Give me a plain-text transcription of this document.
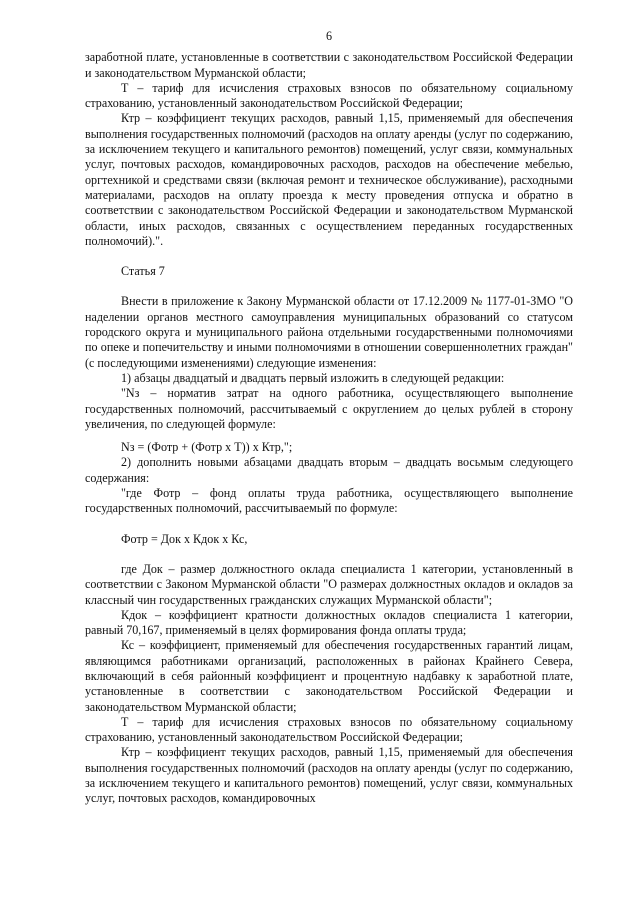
6

заработной плате, установленные в соответствии с законодательством Российской Федерации и законодательством Мурманской области;

Т – тариф для исчисления страховых взносов по обязательному социальному страхованию, установленный законодательством Российской Федерации;

Ктр – коэффициент текущих расходов, равный 1,15, применяемый для обеспечения выполнения государственных полномочий (расходов на оплату аренды (услуг по содержанию, за исключением текущего и капитального ремонтов) помещений, услуг связи, коммунальных услуг, почтовых расходов, командировочных расходов, расходов на обеспечение мебелью, оргтехникой и средствами связи (включая ремонт и техническое обслуживание), расходными материалами, расходов на оплату проезда к месту проведения отпуска и обратно в соответствии с законодательством Российской Федерации и законодательством Мурманской области, иных расходов, связанных с осуществлением переданных государственных полномочий).".

Статья 7

Внести в приложение к Закону Мурманской области от 17.12.2009 № 1177-01-ЗМО "О наделении органов местного самоуправления муниципальных образований со статусом городского округа и муниципального района отдельными государственными полномочиями по опеке и попечительству и иными полномочиями в отношении совершеннолетних граждан" (с последующими изменениями) следующие изменения:

1) абзацы двадцатый и двадцать первый изложить в следующей редакции:

"Nз – норматив затрат на одного работника, осуществляющего выполнение государственных полномочий, рассчитываемый с округлением до целых рублей в сторону увеличения, по следующей формуле:

Nз = (Фотр + (Фотр x Т)) x Ктр,";

2) дополнить новыми абзацами двадцать вторым – двадцать восьмым следующего содержания:

"где Фотр – фонд оплаты труда работника, осуществляющего выполнение государственных полномочий, рассчитываемый по формуле:

Фотр = Док x Кдок x Кс,

где Док – размер должностного оклада специалиста 1 категории, установленный в соответствии с Законом Мурманской области "О размерах должностных окладов и окладов за классный чин государственных гражданских служащих Мурманской области";

Кдок – коэффициент кратности должностных окладов специалиста 1 категории, равный 70,167, применяемый в целях формирования фонда оплаты труда;

Кс – коэффициент, применяемый для обеспечения государственных гарантий лицам, являющимся работниками организаций, расположенных в районах Крайнего Севера, включающий в себя районный коэффициент и процентную надбавку к заработной плате, установленные в соответствии с законодательством Российской Федерации и законодательством Мурманской области;

Т – тариф для исчисления страховых взносов по обязательному социальному страхованию, установленный законодательством Российской Федерации;

Ктр – коэффициент текущих расходов, равный 1,15, применяемый для обеспечения выполнения государственных полномочий (расходов на оплату аренды (услуг по содержанию, за исключением текущего и капитального ремонтов) помещений, услуг связи, коммунальных услуг, почтовых расходов, командировочных
